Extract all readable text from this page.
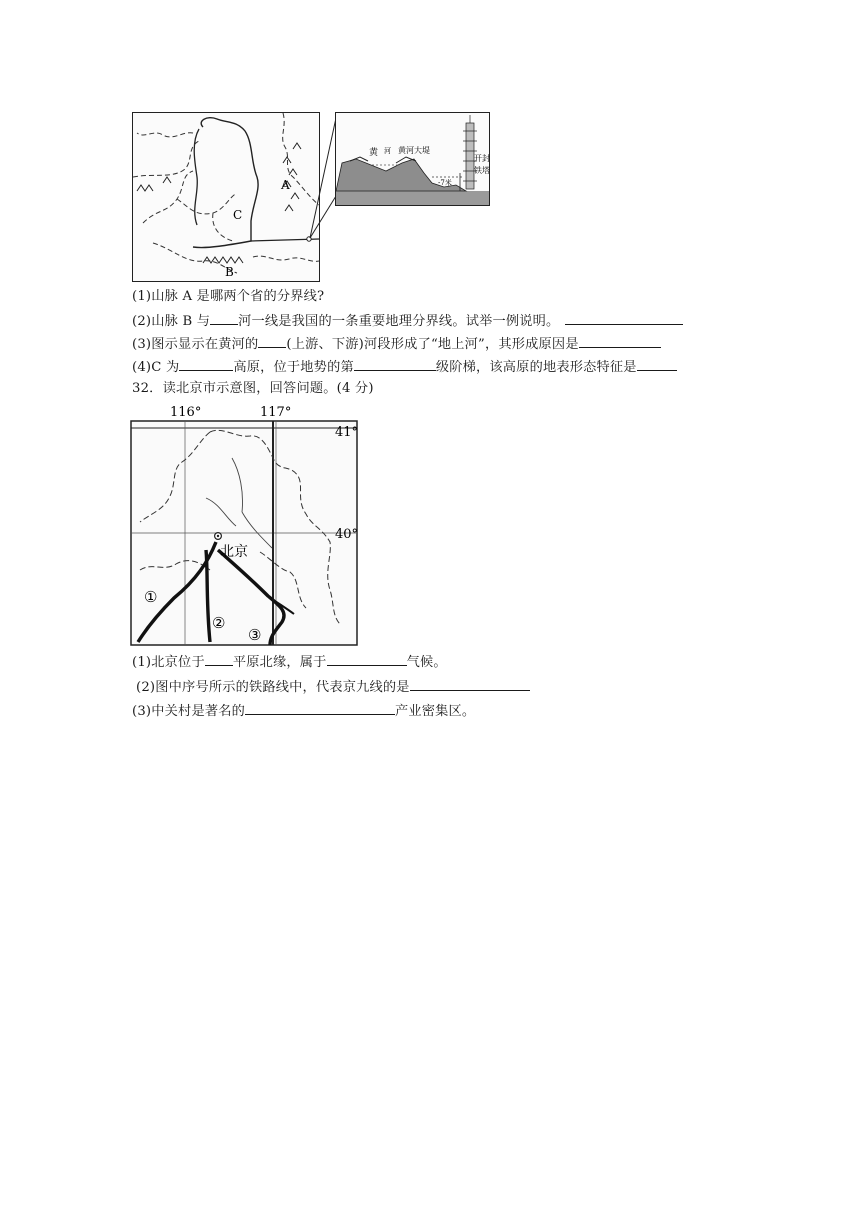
A
B
C
黄 河 黄河大堤
开封
铁塔
-7米
(1)山脉 A 是哪两个省的分界线?
(2)山脉 B 与 河一线是我国的一条重要地理分界线。试举一例说明。
(3)图示显示在黄河的 (上游、下游)河段形成了“地上河”，其形成原因是
(4)C 为	高原，位于地势的第	级阶梯，该高原的地表形态特征是
32．读北京市示意图，回答问题。(4 分)
116°	117°
41°
40°
北京
①
②
③
(1)北京位于 平原北缘，属于	气候。
(2)图中序号所示的铁路线中，代表京九线的是
(3)中关村是著名的	产业密集区。
